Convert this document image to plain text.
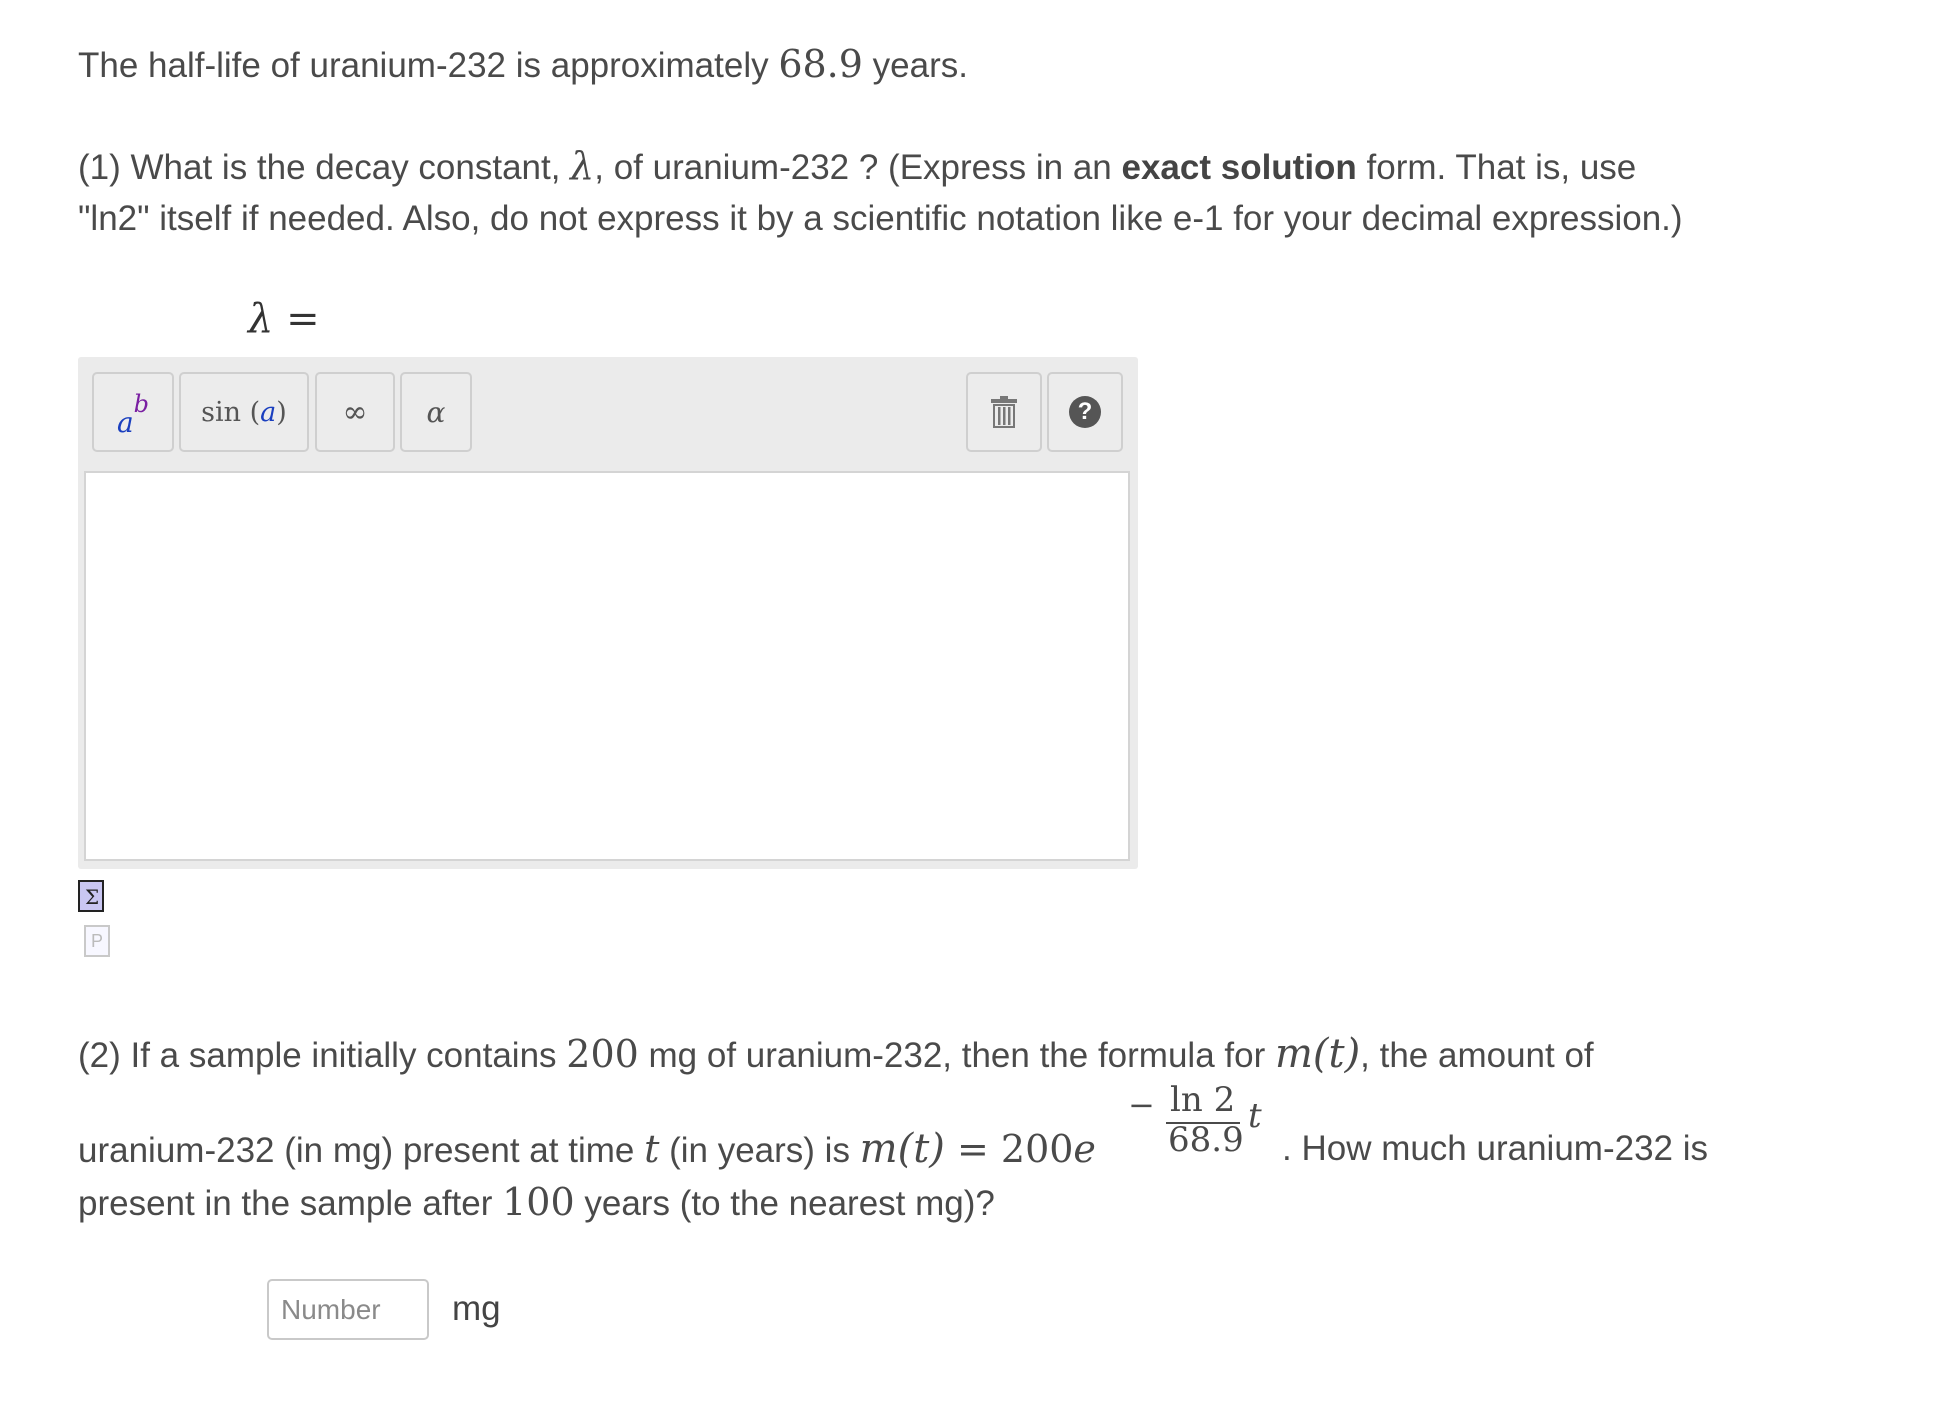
The half-life of uranium-232 is approximately 68.9 years.
(1) What is the decay constant, λ, of uranium-232 ? (Express in an exact solution form. That is, use
"ln2" itself if needed. Also, do not express it by a scientific notation like e-1 for your decimal expression.)
λ =
a
b sin ( a ) ∞ α	?
Σ
P
(2) If a sample initially contains 200 mg of uranium-232, then the formula for m(t), the amount of
uranium-232 (in mg) present at time t (in years) is m(t) = 200e
− ln 2
68.9
t
. How much uranium-232 is
present in the sample after 100 years (to the nearest mg)?
Number
mg
